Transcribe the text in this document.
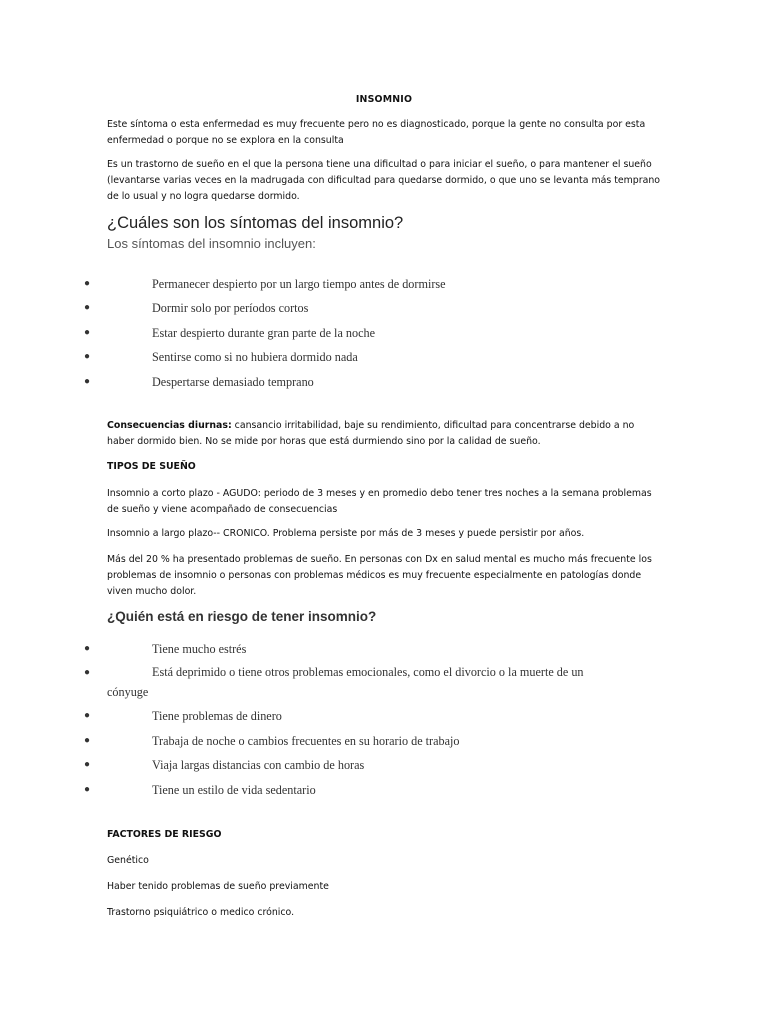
INSOMNIO
Este síntoma o esta enfermedad es muy frecuente pero no es diagnosticado, porque la gente no consulta por esta enfermedad o porque no se explora en la consulta
Es un trastorno de sueño en el que la persona tiene una dificultad o para iniciar el sueño, o para mantener el sueño (levantarse varias veces en la madrugada con dificultad para quedarse dormido, o que uno se levanta más temprano de lo usual y no logra quedarse dormido.
¿Cuáles son los síntomas del insomnio?
Los síntomas del insomnio incluyen:
●	Permanecer despierto por un largo tiempo antes de dormirse
●	Dormir solo por períodos cortos
●	Estar despierto durante gran parte de la noche
●	Sentirse como si no hubiera dormido nada
●	Despertarse demasiado temprano
Consecuencias diurnas: cansancio irritabilidad, baje su rendimiento, dificultad para concentrarse debido a no haber dormido bien. No se mide por horas que está durmiendo sino por la calidad de sueño.
TIPOS DE SUEÑO
Insomnio a corto plazo - AGUDO: periodo de 3 meses y en promedio debo tener tres noches a la semana problemas de sueño y viene acompañado de consecuencias
Insomnio a largo plazo-- CRONICO. Problema persiste por más de 3 meses y puede persistir por años.
Más del 20 % ha presentado problemas de sueño. En personas con Dx en salud mental es mucho más frecuente los problemas de insomnio o personas con problemas médicos es muy frecuente especialmente en patologías donde viven mucho dolor.
¿Quién está en riesgo de tener insomnio?
●	Tiene mucho estrés
●	Está deprimido o tiene otros problemas emocionales, como el divorcio o la muerte de un cónyuge
●	Tiene problemas de dinero
●	Trabaja de noche o cambios frecuentes en su horario de trabajo
●	Viaja largas distancias con cambio de horas
●	Tiene un estilo de vida sedentario
FACTORES DE RIESGO
Genético
Haber tenido problemas de sueño previamente
Trastorno psiquiátrico o medico crónico.
